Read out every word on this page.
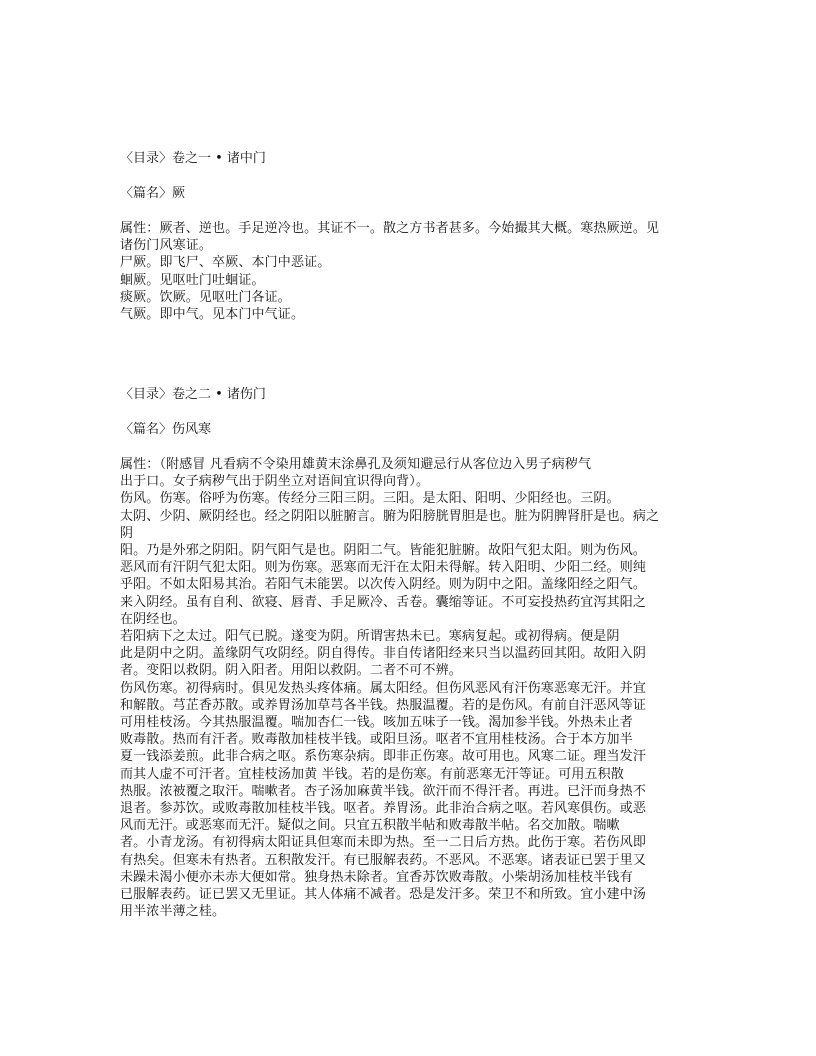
〈目录〉卷之一 • 诸中门
〈篇名〉厥
属性：厥者、逆也。手足逆冷也。其证不一。散之方书者甚多。今始撮其大概。寒热厥逆。见
诸伤门风寒证。
尸厥。即飞尸、卒厥、本门中恶证。
蛔厥。见呕吐门吐蛔证。
痰厥。饮厥。见呕吐门各证。
气厥。即中气。见本门中气证。
〈目录〉卷之二 • 诸伤门
〈篇名〉伤风寒
属性：（附感冒 凡看病不令染用雄黄末涂鼻孔及须知避忌行从客位边入男子病秽气
出于口。女子病秽气出于阴坐立对语间宜识得向背）。
伤风。伤寒。俗呼为伤寒。传经分三阳三阴。三阳。是太阳、阳明、少阳经也。三阴。
太阴、少阴、厥阴经也。经之阴阳以脏腑言。腑为阳膀胱胃胆是也。脏为阴脾肾肝是也。病之
阴
阳。乃是外邪之阴阳。阴气阳气是也。阴阳二气。皆能犯脏腑。故阳气犯太阳。则为伤风。
恶风而有汗阴气犯太阳。则为伤寒。恶寒而无汗在太阳未得解。转入阳明、少阳二经。则纯
乎阳。不如太阳易其治。若阳气未能罢。以次传入阴经。则为阴中之阳。盖缘阳经之阳气。
来入阴经。虽有自利、欲寝、唇青、手足厥冷、舌卷。囊缩等证。不可妄投热药宜泻其阳之
在阴经也。
若阳病下之太过。阳气已脱。遂变为阴。所谓害热未已。寒病复起。或初得病。便是阴
此是阴中之阴。盖缘阴气攻阴经。阴自得传。非自传诸阳经来只当以温药回其阳。故阳入阴
者。变阳以救阴。阴入阳者。用阳以救阴。二者不可不辨。
伤风伤寒。初得病时。俱见发热头疼体痛。属太阳经。但伤风恶风有汗伤寒恶寒无汗。并宜
和解散。芎芷香苏散。或养胃汤加草芎各半钱。热服温覆。若的是伤风。有前自汗恶风等证
可用桂枝汤。今其热服温覆。喘加杏仁一钱。咳加五味子一钱。渴加参半钱。外热未止者
败毒散。热而有汗者。败毒散加桂枝半钱。或阳旦汤。呕者不宜用桂枝汤。合于本方加半
夏一钱添姜煎。此非合病之呕。系伤寒杂病。即非正伤寒。故可用也。风寒二证。理当发汗
而其人虚不可汗者。宜桂枝汤加黄 半钱。若的是伤寒。有前恶寒无汗等证。可用五积散
热服。浓被覆之取汗。喘嗽者。杏子汤加麻黄半钱。欲汗而不得汗者。再进。已汗而身热不
退者。参苏饮。或败毒散加桂枝半钱。呕者。养胃汤。此非治合病之呕。若风寒俱伤。或恶
风而无汗。或恶寒而无汗。疑似之间。只宜五积散半帖和败毒散半帖。名交加散。喘嗽
者。小青龙汤。有初得病太阳证具但寒而未即为热。至一二日后方热。此伤于寒。若伤风即
有热矣。但寒未有热者。五积散发汗。有已服解表药。不恶风。不恶寒。诸表证已罢于里又
未躁未渴小便亦未赤大便如常。独身热未除者。宜香苏饮败毒散。小柴胡汤加桂枝半钱有
已服解表药。证已罢又无里证。其人体痛不减者。恐是发汗多。荣卫不和所致。宜小建中汤
用半浓半薄之桂。
